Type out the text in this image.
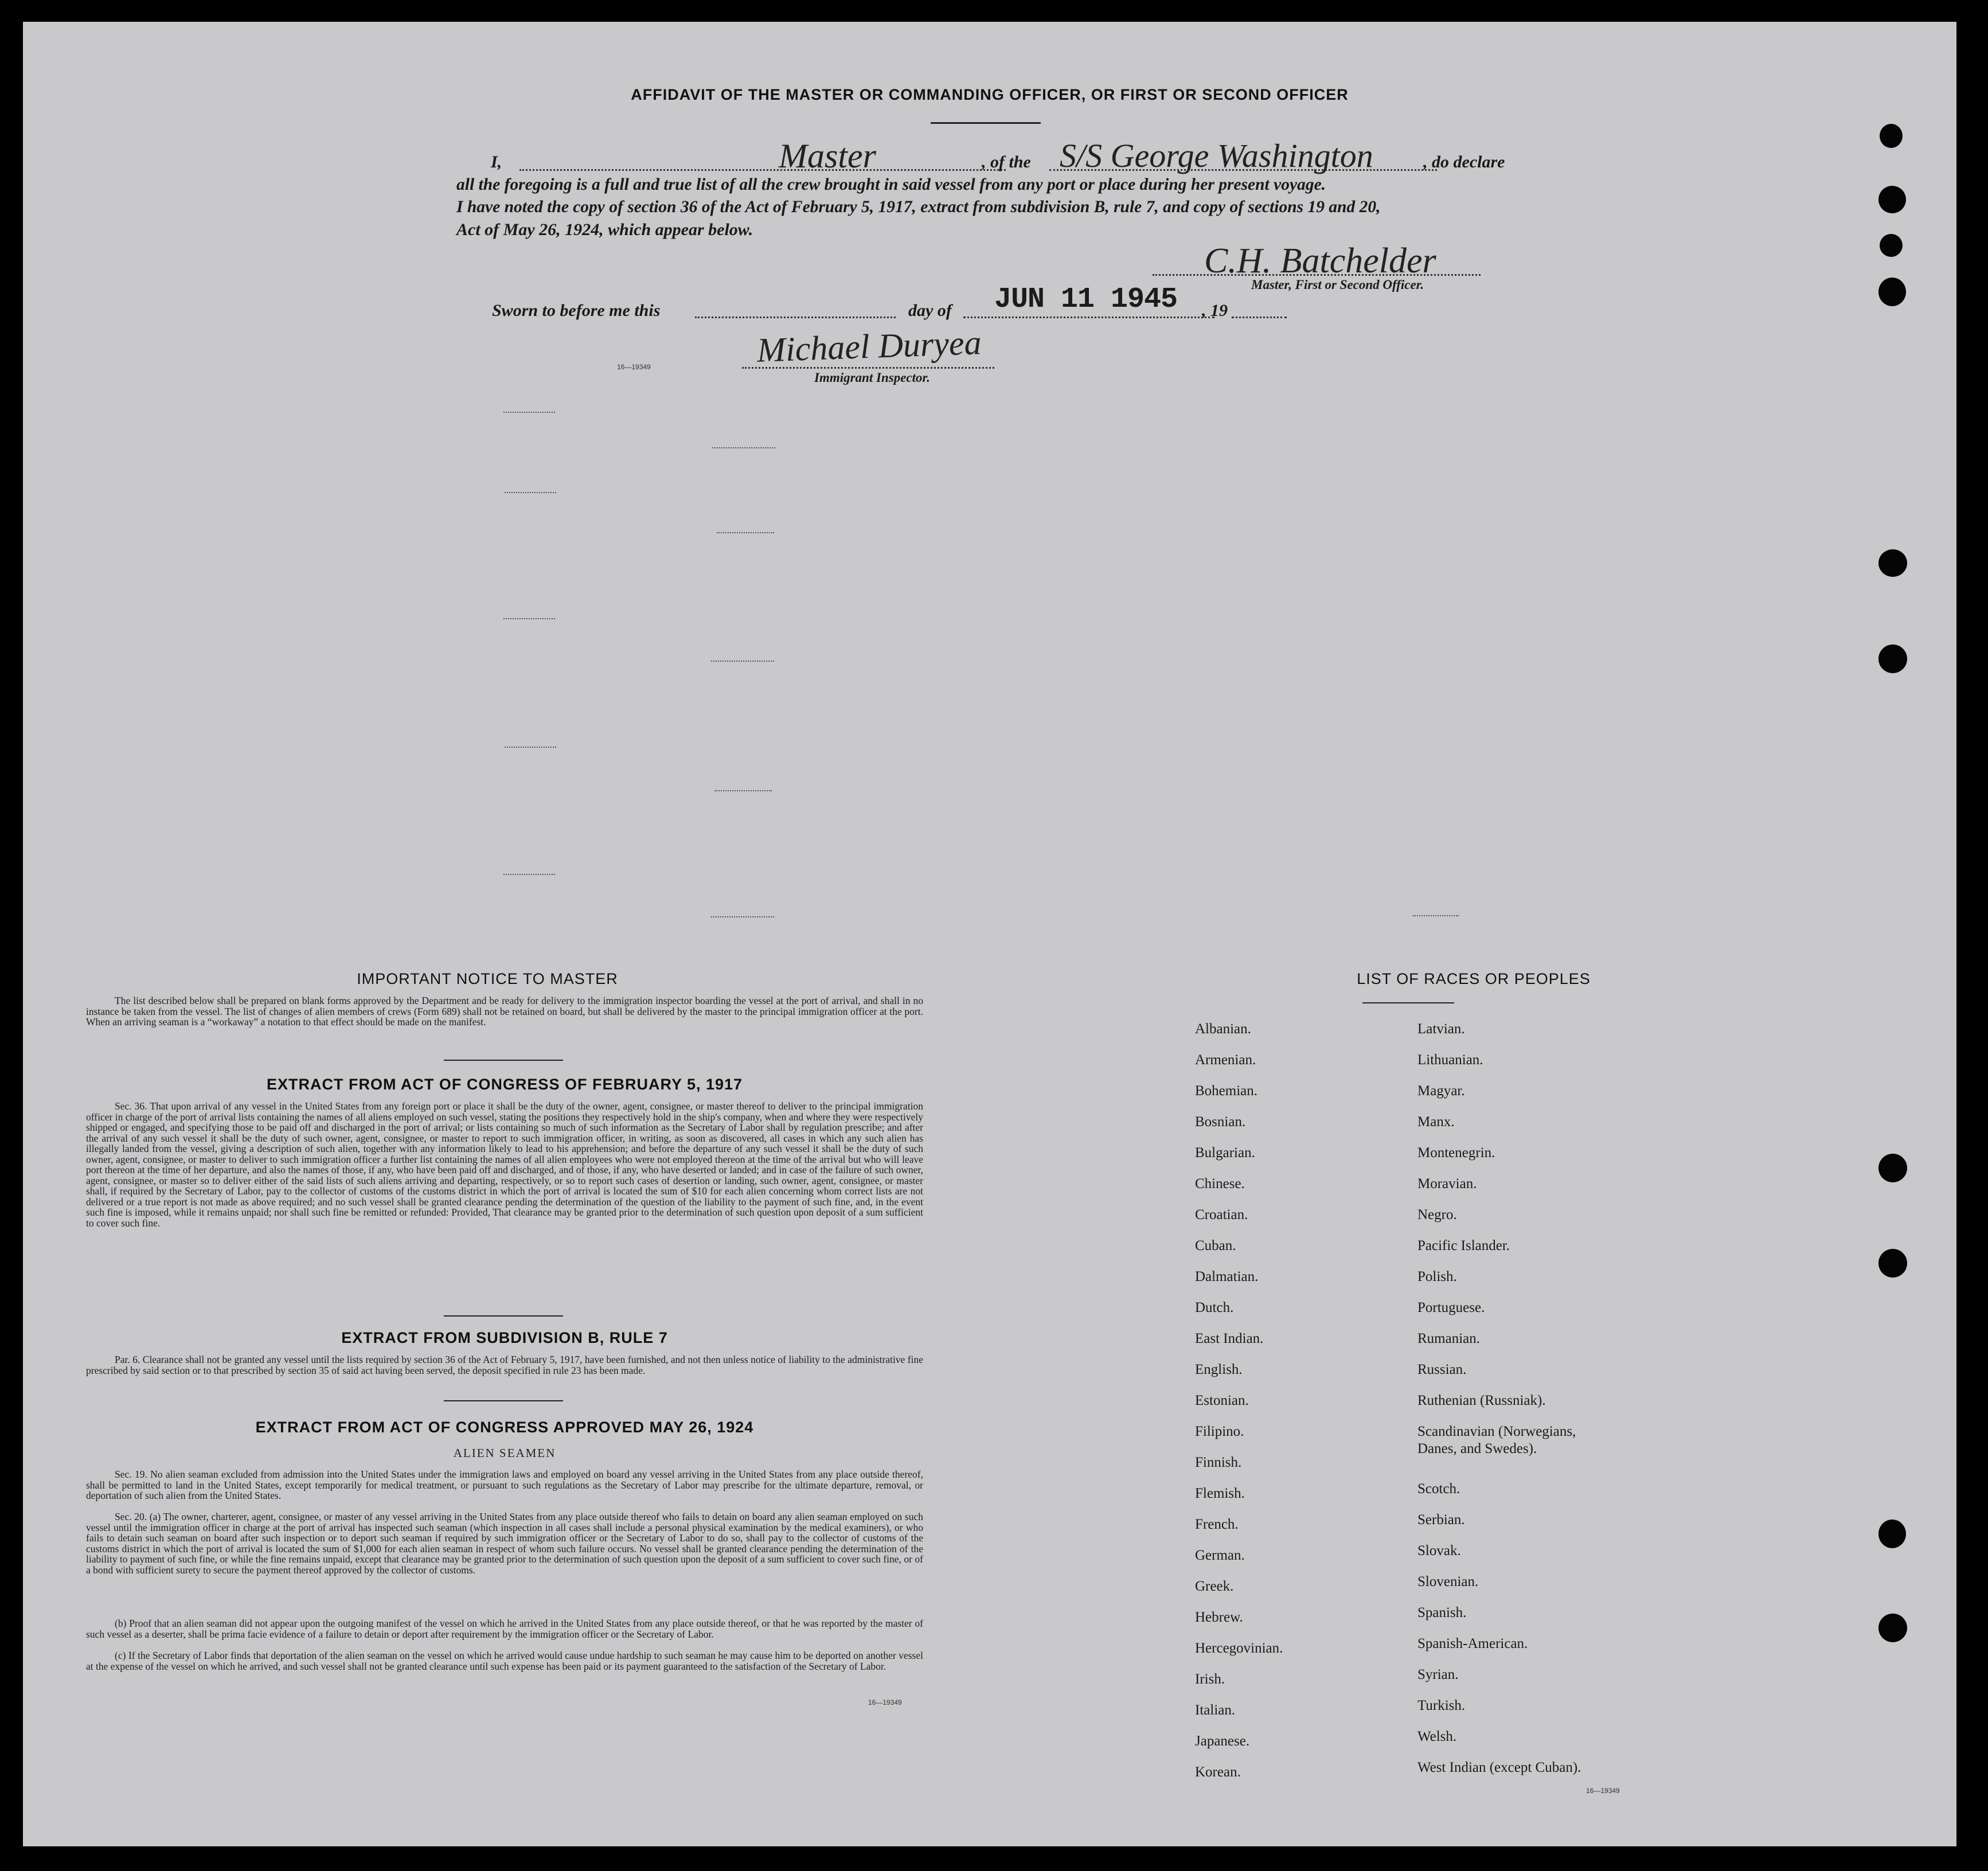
AFFIDAVIT OF THE MASTER OR COMMANDING OFFICER, OR FIRST OR SECOND OFFICER
I,	Master	, of the S/S George Washington	, do declare
all the foregoing is a full and true list of all the crew brought in said vessel from any port or place during her present voyage.
I have noted the copy of section 36 of the Act of February 5, 1917, extract from subdivision B, rule 7, and copy of sections 19 and 20,
Act of May 26, 1924, which appear below.
C.H. Batchelder
Master, First or Second Officer.
Sworn to before me this	day of JUN 11 1945 , 19
16—19349	Michael Duryea
Immigrant Inspector.
IMPORTANT NOTICE TO MASTER

The list described below shall be prepared on blank forms approved by the Department and be ready for delivery to the immigration inspector boarding the vessel at the port of arrival, and shall in no instance be taken from the vessel. The list of changes of alien members of crews (Form 689) shall not be retained on board, but shall be delivered by the master to the principal immigration officer at the port. When an arriving seaman is a “workaway” a notation to that effect should be made on the manifest.

EXTRACT FROM ACT OF CONGRESS OF FEBRUARY 5, 1917

Sec. 36. That upon arrival of any vessel in the United States from any foreign port or place it shall be the duty of the owner, agent, consignee, or master thereof to deliver to the principal immigration officer in charge of the port of arrival lists containing the names of all aliens employed on such vessel, stating the positions they respectively hold in the ship's company, when and where they were respectively shipped or engaged, and specifying those to be paid off and discharged in the port of arrival; or lists containing so much of such information as the Secretary of Labor shall by regulation prescribe; and after the arrival of any such vessel it shall be the duty of such owner, agent, consignee, or master to report to such immigration officer, in writing, as soon as discovered, all cases in which any such alien has illegally landed from the vessel, giving a description of such alien, together with any information likely to lead to his apprehension; and before the departure of any such vessel it shall be the duty of such owner, agent, consignee, or master to deliver to such immigration officer a further list containing the names of all alien employees who were not employed thereon at the time of the arrival but who will leave port thereon at the time of her departure, and also the names of those, if any, who have been paid off and discharged, and of those, if any, who have deserted or landed; and in case of the failure of such owner, agent, consignee, or master so to deliver either of the said lists of such aliens arriving and departing, respectively, or so to report such cases of desertion or landing, such owner, agent, consignee, or master shall, if required by the Secretary of Labor, pay to the collector of customs of the customs district in which the port of arrival is located the sum of $10 for each alien concerning whom correct lists are not delivered or a true report is not made as above required; and no such vessel shall be granted clearance pending the determination of the question of the liability to the payment of such fine, and, in the event such fine is imposed, while it remains unpaid; nor shall such fine be remitted or refunded: Provided, That clearance may be granted prior to the determination of such question upon deposit of a sum sufficient to cover such fine.

EXTRACT FROM SUBDIVISION B, RULE 7

Par. 6. Clearance shall not be granted any vessel until the lists required by section 36 of the Act of February 5, 1917, have been furnished, and not then unless notice of liability to the administrative fine prescribed by said section or to that prescribed by section 35 of said act having been served, the deposit specified in rule 23 has been made.

EXTRACT FROM ACT OF CONGRESS APPROVED MAY 26, 1924
ALIEN SEAMEN

Sec. 19. No alien seaman excluded from admission into the United States under the immigration laws and employed on board any vessel arriving in the United States from any place outside thereof, shall be permitted to land in the United States, except temporarily for medical treatment, or pursuant to such regulations as the Secretary of Labor may prescribe for the ultimate departure, removal, or deportation of such alien from the United States.

Sec. 20. (a) The owner, charterer, agent, consignee, or master of any vessel arriving in the United States from any place outside thereof who fails to detain on board any alien seaman employed on such vessel until the immigration officer in charge at the port of arrival has inspected such seaman (which inspection in all cases shall include a personal physical examination by the medical examiners), or who fails to detain such seaman on board after such inspection or to deport such seaman if required by such immigration officer or the Secretary of Labor to do so, shall pay to the collector of customs of the customs district in which the port of arrival is located the sum of $1,000 for each alien seaman in respect of whom such failure occurs. No vessel shall be granted clearance pending the determination of the liability to payment of such fine, or while the fine remains unpaid, except that clearance may be granted prior to the determination of such question upon the deposit of a sum sufficient to cover such fine, or of a bond with sufficient surety to secure the payment thereof approved by the collector of customs.

(b) Proof that an alien seaman did not appear upon the outgoing manifest of the vessel on which he arrived in the United States from any place outside thereof, or that he was reported by the master of such vessel as a deserter, shall be prima facie evidence of a failure to detain or deport after requirement by the immigration officer or the Secretary of Labor.

(c) If the Secretary of Labor finds that deportation of the alien seaman on the vessel on which he arrived would cause undue hardship to such seaman he may cause him to be deported on another vessel at the expense of the vessel on which he arrived, and such vessel shall not be granted clearance until such expense has been paid or its payment guaranteed to the satisfaction of the Secretary of Labor.

16—19349
LIST OF RACES OR PEOPLES
Albanian.
Armenian.
Bohemian.
Bosnian.
Bulgarian.
Chinese.
Croatian.
Cuban.
Dalmatian.
Dutch.
East Indian.
English.
Estonian.
Filipino.
Finnish.
Flemish.
French.
German.
Greek.
Hebrew.
Hercegovinian.
Irish.
Italian.
Japanese.
Korean.
Latvian.
Lithuanian.
Magyar.
Manx.
Montenegrin.
Moravian.
Negro.
Pacific Islander.
Polish.
Portuguese.
Rumanian.
Russian.
Ruthenian (Russniak).
Scandinavian (Norwegians,
Danes, and Swedes).
Scotch.
Serbian.
Slovak.
Slovenian.
Spanish.
Spanish-American.
Syrian.
Turkish.
Welsh.
West Indian (except Cuban).
16—19349
